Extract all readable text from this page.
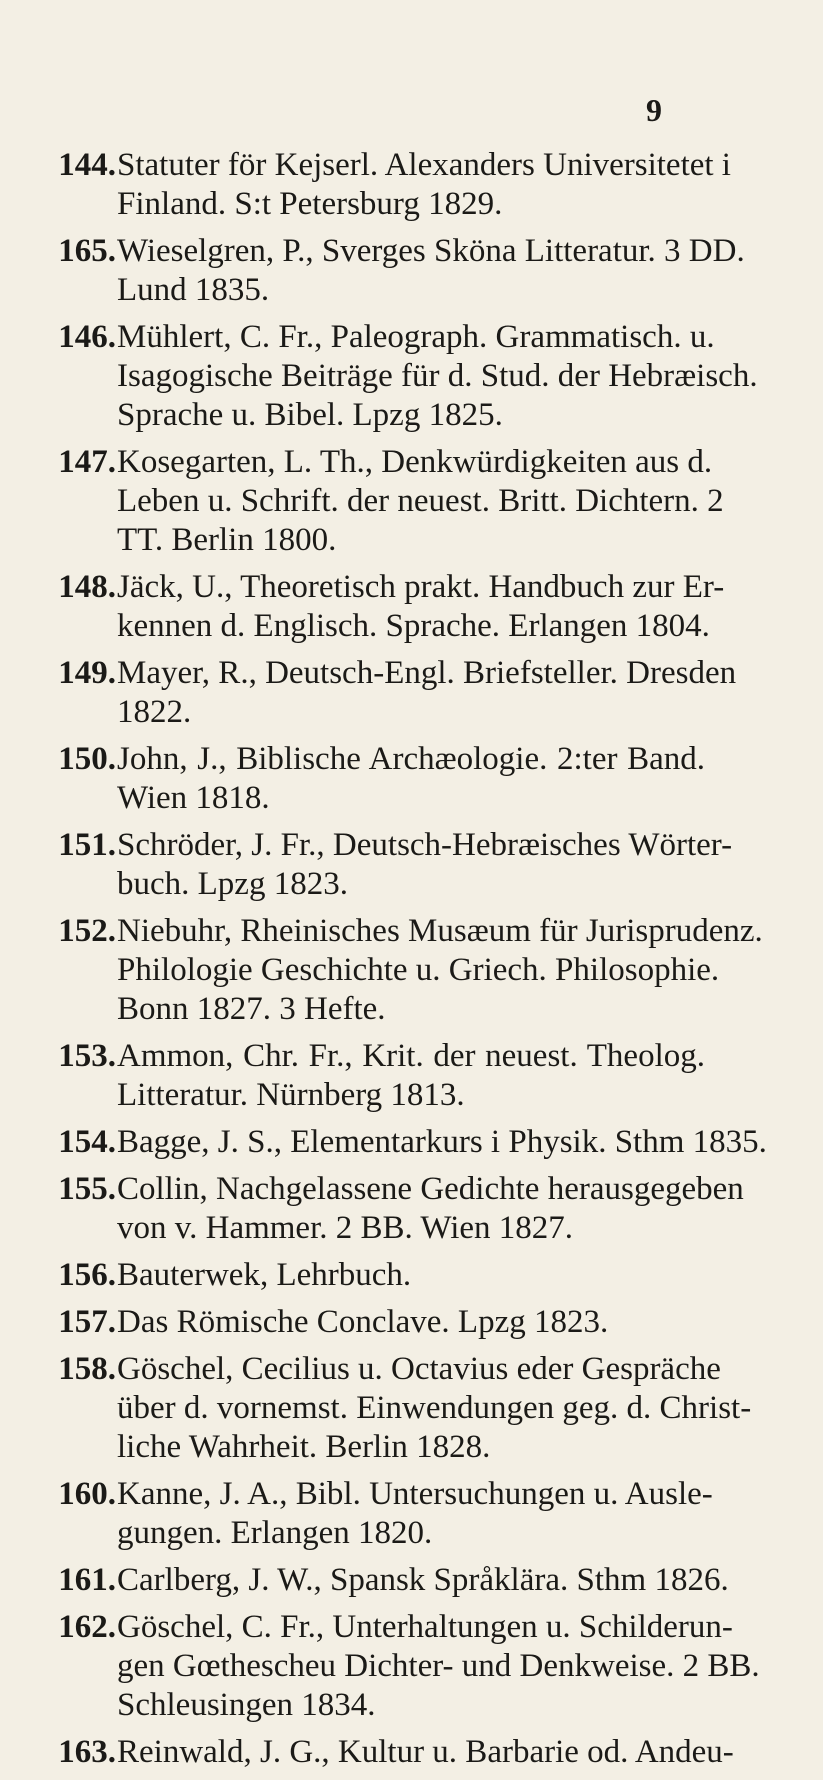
9
144. Statuter för Kejserl. Alexanders Universitetet i
Finland. S:t Petersburg 1829.
165. Wieselgren, P., Sverges Sköna Litteratur. 3 DD.
Lund 1835.
146. Mühlert, C. Fr., Paleograph. Grammatisch. u.
Isagogische Beiträge für d. Stud. der Hebræisch.
Sprache u. Bibel. Lpzg 1825.
147. Kosegarten, L. Th., Denkwürdigkeiten aus d.
Leben u. Schrift. der neuest. Britt. Dichtern. 2
TT. Berlin 1800.
148. Jäck, U., Theoretisch prakt. Handbuch zur Er-
kennen d. Englisch. Sprache. Erlangen 1804.
149. Mayer, R., Deutsch-Engl. Briefsteller. Dresden
1822.
150. John, J., Biblische Archæologie. 2:ter Band.
Wien 1818.
151. Schröder, J. Fr., Deutsch-Hebræisches Wörter-
buch. Lpzg 1823.
152. Niebuhr, Rheinisches Musæum für Jurisprudenz.
Philologie Geschichte u. Griech. Philosophie.
Bonn 1827. 3 Hefte.
153. Ammon, Chr. Fr., Krit. der neuest. Theolog.
Litteratur. Nürnberg 1813.
154. Bagge, J. S., Elementarkurs i Physik. Sthm 1835.
155. Collin, Nachgelassene Gedichte herausgegeben
von v. Hammer. 2 BB. Wien 1827.
156. Bauterwek, Lehrbuch.
157. Das Römische Conclave. Lpzg 1823.
158. Göschel, Cecilius u. Octavius eder Gespräche
über d. vornemst. Einwendungen geg. d. Christ-
liche Wahrheit. Berlin 1828.
160. Kanne, J. A., Bibl. Untersuchungen u. Ausle-
gungen. Erlangen 1820.
161. Carlberg, J. W., Spansk Språklära. Sthm 1826.
162. Göschel, C. Fr., Unterhaltungen u. Schilderun-
gen Gœthescheu Dichter- und Denkweise. 2 BB.
Schleusingen 1834.
163. Reinwald, J. G., Kultur u. Barbarie od. Andeu-
